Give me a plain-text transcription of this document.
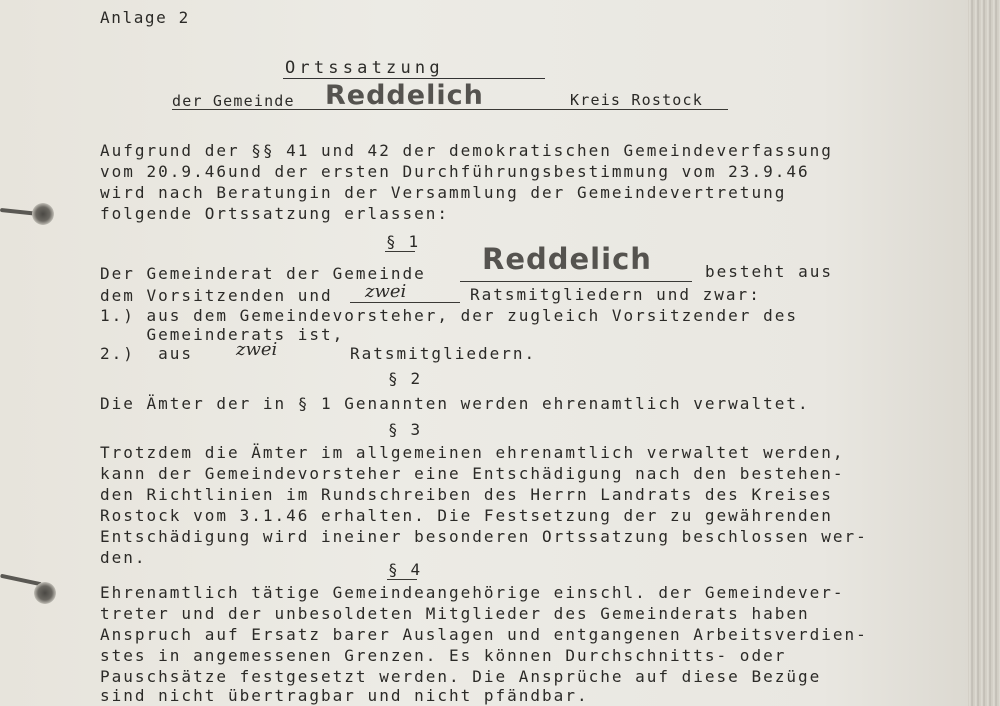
Anlage 2
Ortssatzung
der Gemeinde Reddelich	Kreis Rostock
Aufgrund der §§ 41 und 42 der demokratischen Gemeindeverfassung
vom 20.9.46und der ersten Durchführungsbestimmung vom 23.9.46
wird nach Beratungin der Versammlung der Gemeindevertretung
folgende Ortssatzung erlassen:
§ 1
Der Gemeinderat der Gemeinde Reddelich	besteht aus
dem Vorsitzenden und zwei	Ratsmitgliedern und zwar:
1.) aus dem Gemeindevorsteher, der zugleich Vorsitzender des
Gemeinderats ist,
2.)  aus zwei	Ratsmitgliedern.
§ 2
Die Ämter der in § 1 Genannten werden ehrenamtlich verwaltet.
§ 3
Trotzdem die Ämter im allgemeinen ehrenamtlich verwaltet werden,
kann der Gemeindevorsteher eine Entschädigung nach den bestehen-
den Richtlinien im Rundschreiben des Herrn Landrats des Kreises
Rostock vom 3.1.46 erhalten. Die Festsetzung der zu gewährenden
Entschädigung wird ineiner besonderen Ortssatzung beschlossen wer-
den.
§ 4
Ehrenamtlich tätige Gemeindeangehörige einschl. der Gemeindever-
treter und der unbesoldeten Mitglieder des Gemeinderats haben
Anspruch auf Ersatz barer Auslagen und entgangenen Arbeitsverdien-
stes in angemessenen Grenzen. Es können Durchschnitts- oder
Pauschsätze festgesetzt werden. Die Ansprüche auf diese Bezüge
sind nicht übertragbar und nicht pfändbar.
